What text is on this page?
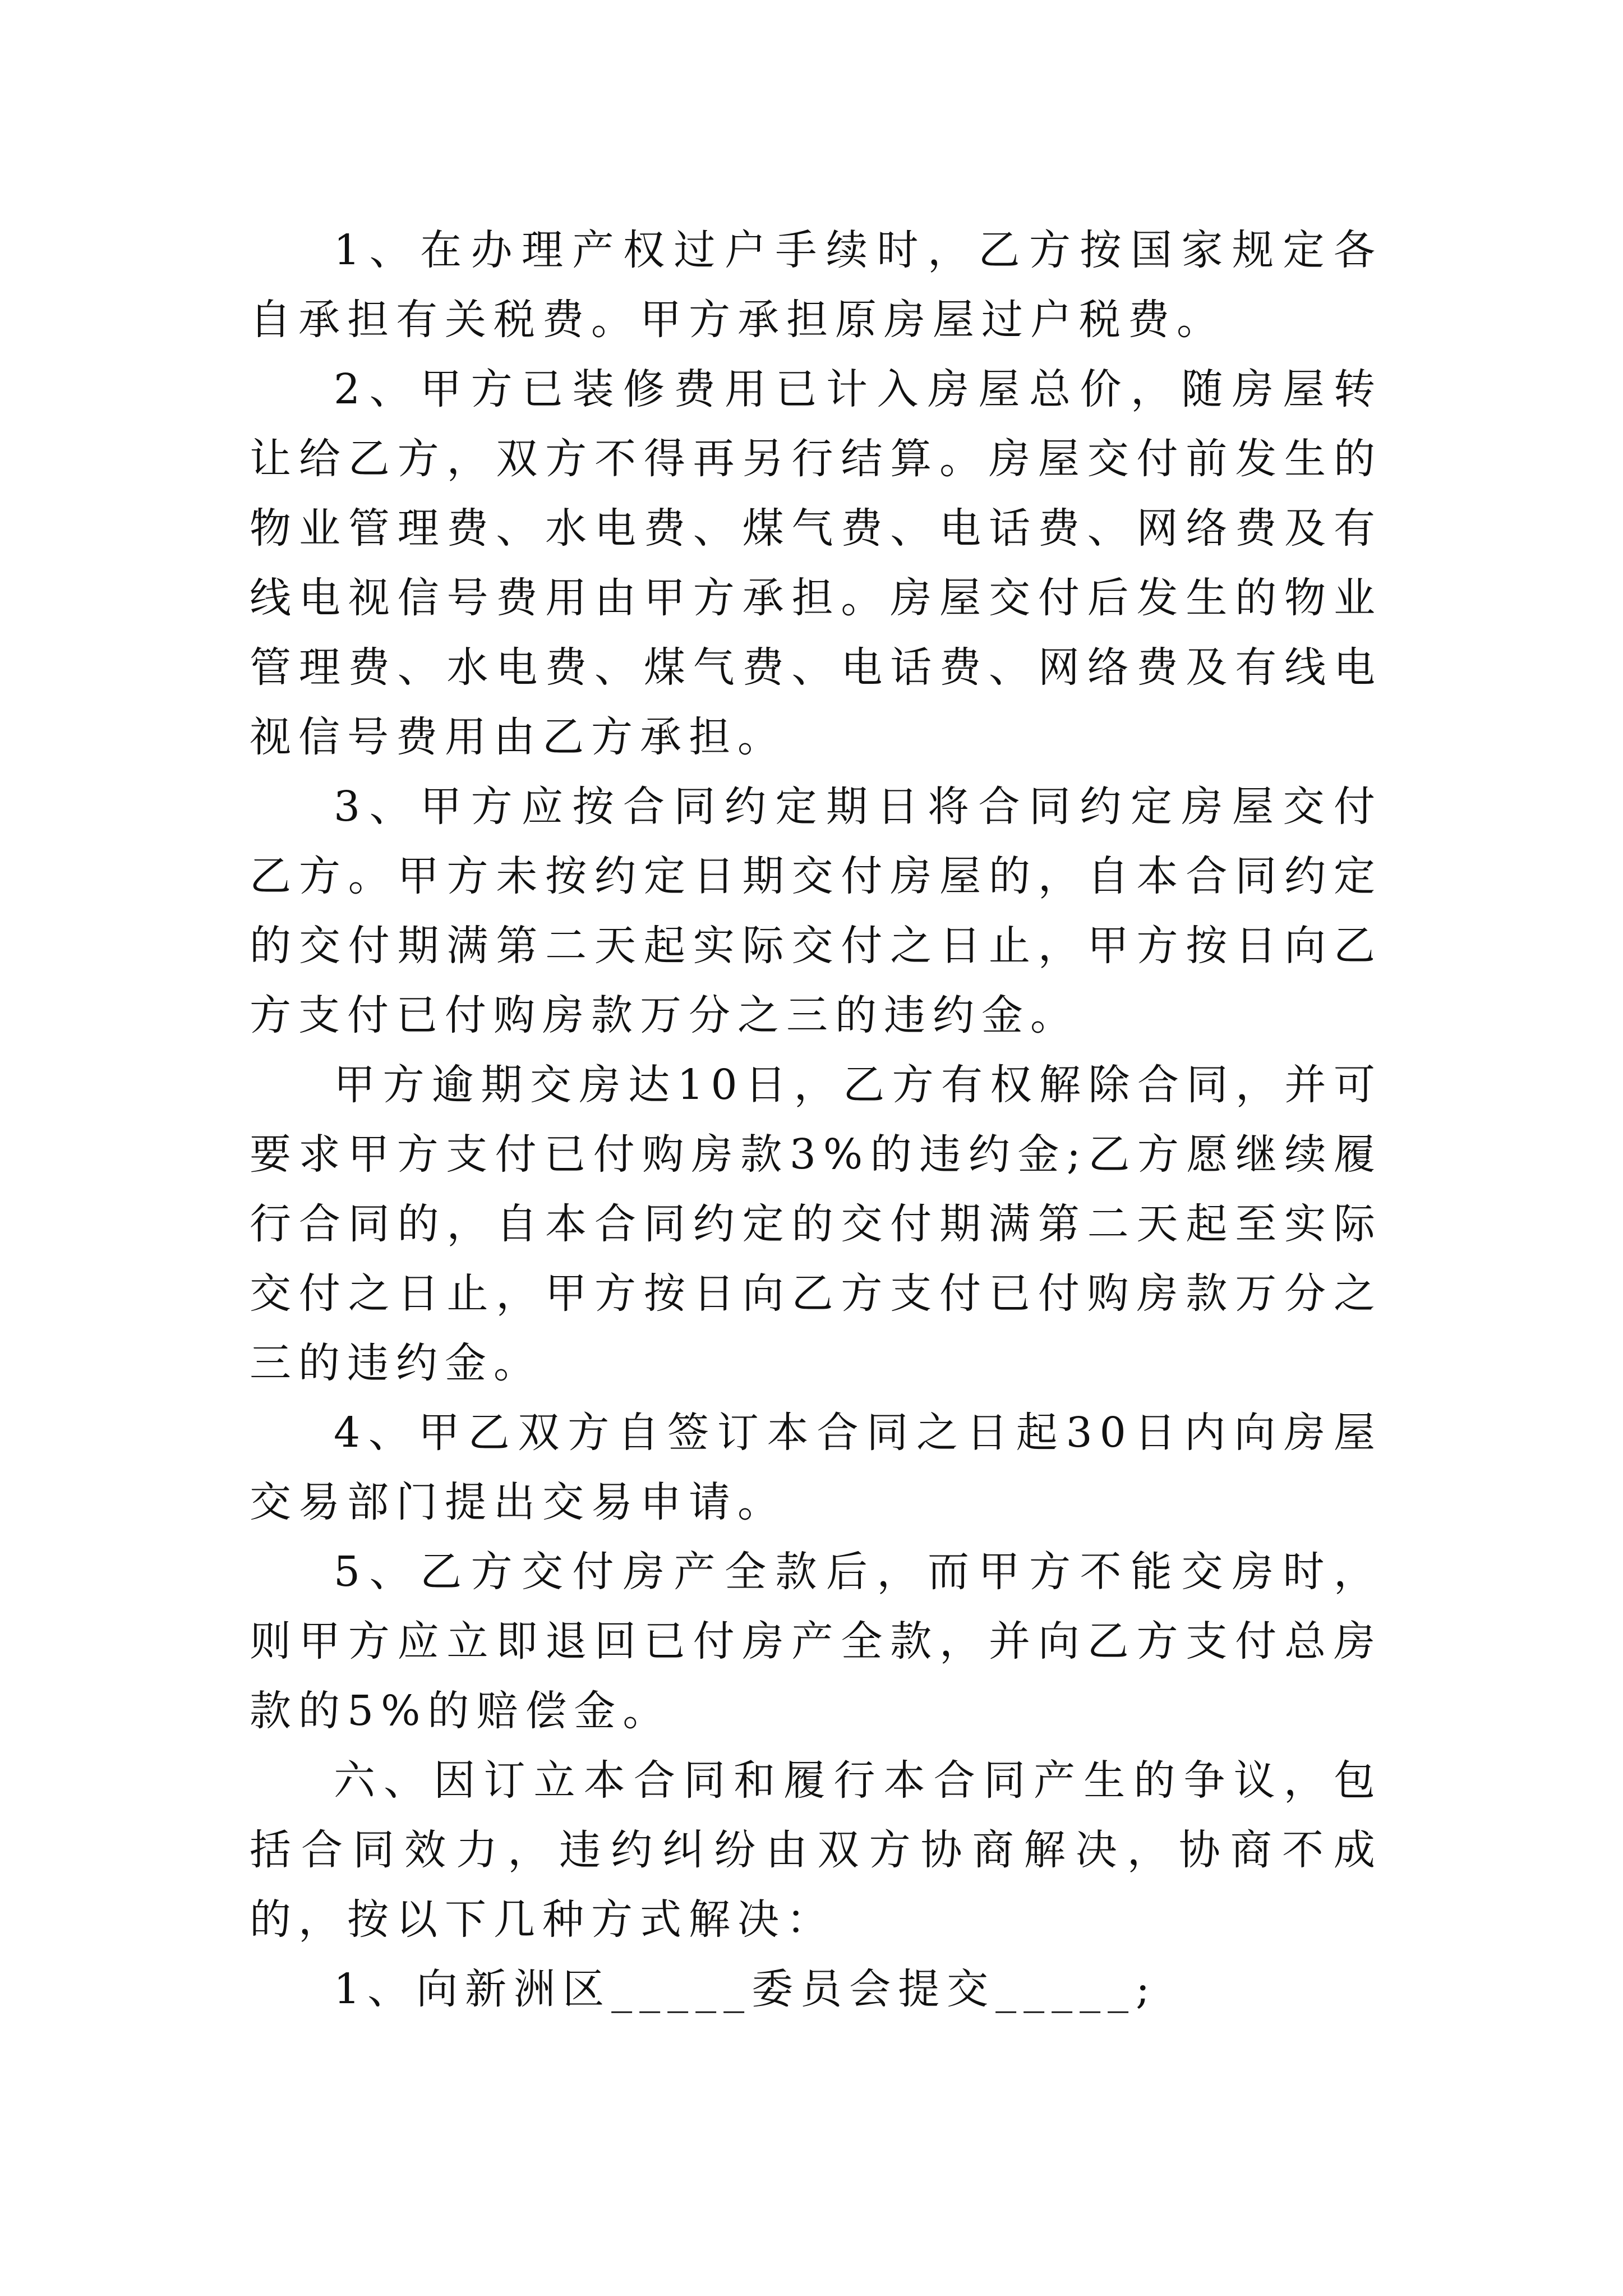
1、在办理产权过户手续时，乙方按国家规定各自承担有关税费。甲方承担原房屋过户税费。

2、甲方已装修费用已计入房屋总价，随房屋转让给乙方，双方不得再另行结算。房屋交付前发生的物业管理费、水电费、煤气费、电话费、网络费及有线电视信号费用由甲方承担。房屋交付后发生的物业管理费、水电费、煤气费、电话费、网络费及有线电视信号费用由乙方承担。

3、甲方应按合同约定期日将合同约定房屋交付乙方。甲方未按约定日期交付房屋的，自本合同约定的交付期满第二天起实际交付之日止，甲方按日向乙方支付已付购房款万分之三的违约金。

甲方逾期交房达10日，乙方有权解除合同，并可要求甲方支付已付购房款3%的违约金;乙方愿继续履行合同的，自本合同约定的交付期满第二天起至实际交付之日止，甲方按日向乙方支付已付购房款万分之三的违约金。

4、甲乙双方自签订本合同之日起30日内向房屋交易部门提出交易申请。

5、乙方交付房产全款后，而甲方不能交房时，则甲方应立即退回已付房产全款，并向乙方支付总房款的5%的赔偿金。

六、因订立本合同和履行本合同产生的争议，包括合同效力，违约纠纷由双方协商解决，协商不成的，按以下几种方式解决：

1、向新洲区_____委员会提交_____;
